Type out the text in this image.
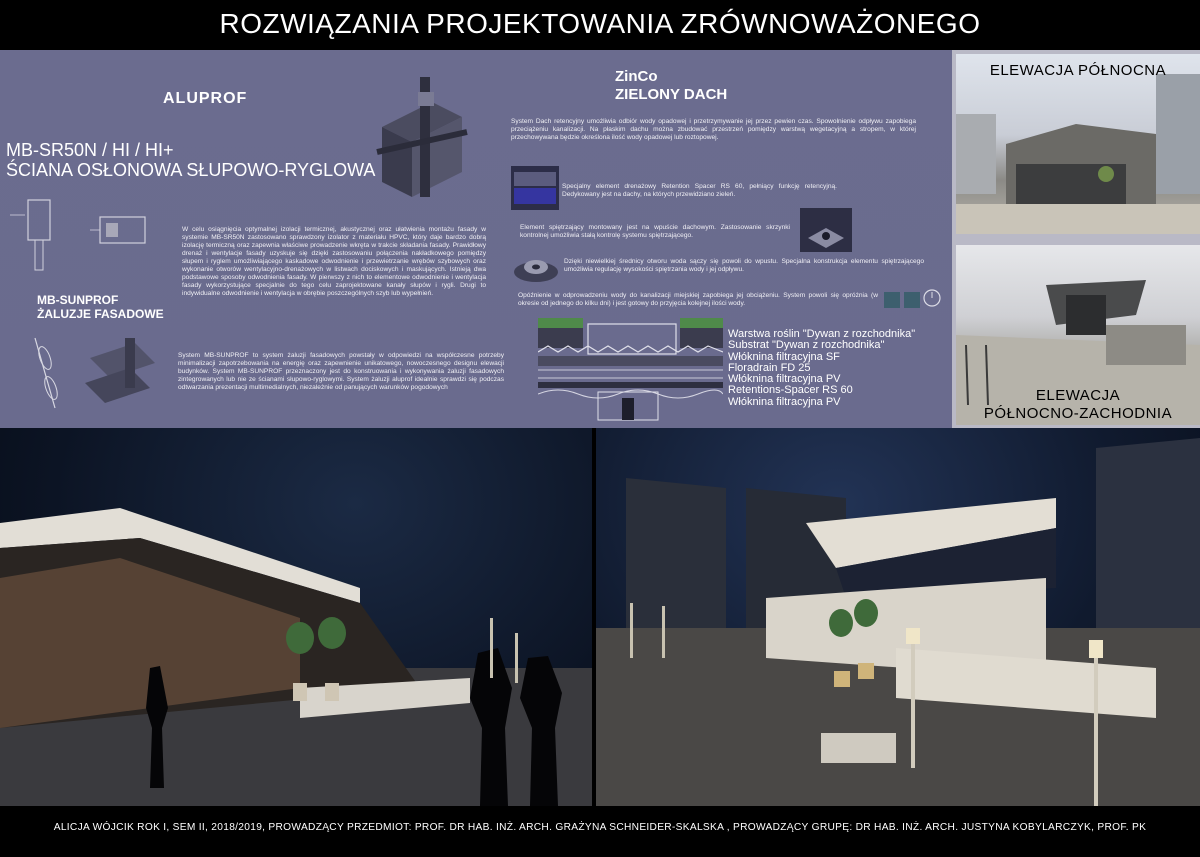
ROZWIĄZANIA PROJEKTOWANIA ZRÓWNOWAŻONEGO
ALUPROF
MB-SR50N / HI / HI+
ŚCIANA OSŁONOWA SŁUPOWO-RYGLOWA
W celu osiągnięcia optymalnej izolacji termicznej, akustycznej oraz ułatwienia montażu fasady w systemie MB-SR50N zastosowano sprawdzony izolator z materiału HPVC, który daje bardzo dobrą izolację termiczną oraz zapewnia właściwe prowadzenie wkręta w trakcie składania fasady. Prawidłowy drenaż i wentylacje fasady uzyskuje się dzięki zastosowaniu połączenia nakładkowego pomiędzy słupem i ryglem umożliwiającego kaskadowe odwodnienie i przewietrzanie wrębów szybowych oraz wykonanie otworów wentylacyjno-drenażowych w listwach dociskowych i maskujących. Istnieją dwa podstawowe sposoby odwodnienia fasady. W pierwszy z nich to elementowe odwodnienie i wentylacja fasady wykorzystujące specjalnie do tego celu zaprojektowane kanały słupów i rygli. Drugi to indywidualne odwodnienie i wentylacja w obrębie poszczególnych szyb lub wypełnień.
MB-SUNPROF
ŻALUZJE FASADOWE
System MB-SUNPROF to system żaluzji fasadowych powstały w odpowiedzi na współczesne potrzeby minimalizacji zapotrzebowania na energię oraz zapewnienie unikatowego, nowoczesnego designu elewacji budynków. System MB-SUNPROF przeznaczony jest do konstruowania i wykonywania żaluzji fasadowych zintegrowanych lub nie ze ścianami słupowo-ryglowymi. System żaluzji aluprof idealnie sprawdzi się podczas odtwarzania prezentacji multimedialnych, niezależnie od panujących warunków pogodowych
ZinCo
ZIELONY DACH
System Dach retencyjny umożliwia odbiór wody opadowej i przetrzymywanie jej przez pewien czas. Spowolnienie odpływu zapobiega przeciążeniu kanalizacji. Na płaskim dachu można zbudować przestrzeń pomiędzy warstwą wegetacyjną a stropem, w której przechowywana będzie określona ilość wody opadowej lub roztopowej.
Specjalny element drenażowy Retention Spacer RS 60, pełniący funkcję retencyjną. Dedykowany jest na dachy, na których przewidziano zieleń.
Element spiętrzający montowany jest na wpuście dachowym. Zastosowanie skrzynki kontrolnej umożliwia stałą kontrolę systemu spiętrzającego.
Dzięki niewielkiej średnicy otworu woda sączy się powoli do wpustu. Specjalna konstrukcja elementu spiętrzającego umożliwia regulację wysokości spiętrzania wody i jej odpływu.
Opóźnienie w odprowadzeniu wody do kanalizacji miejskiej zapobiega jej obciążeniu. System powoli się opróżnia (w okresie od jednego do kilku dni) i jest gotowy do przyjęcia kolejnej ilości wody.
Warstwa roślin "Dywan z rozchodnika"
Substrat "Dywan z rozchodnika"
Włóknina filtracyjna SF
Floradrain FD 25
Włóknina filtracyjna PV
Retentions-Spacer RS 60
Włóknina filtracyjna PV
ELEWACJA PÓŁNOCNA
ELEWACJA
PÓŁNOCNO-ZACHODNIA
ALICJA WÓJCIK ROK I, SEM II, 2018/2019, PROWADZĄCY PRZEDMIOT: PROF. DR HAB. INŻ. ARCH. GRAŻYNA SCHNEIDER-SKALSKA , PROWADZĄCY GRUPĘ: DR HAB. INŻ. ARCH. JUSTYNA KOBYLARCZYK, PROF. PK
